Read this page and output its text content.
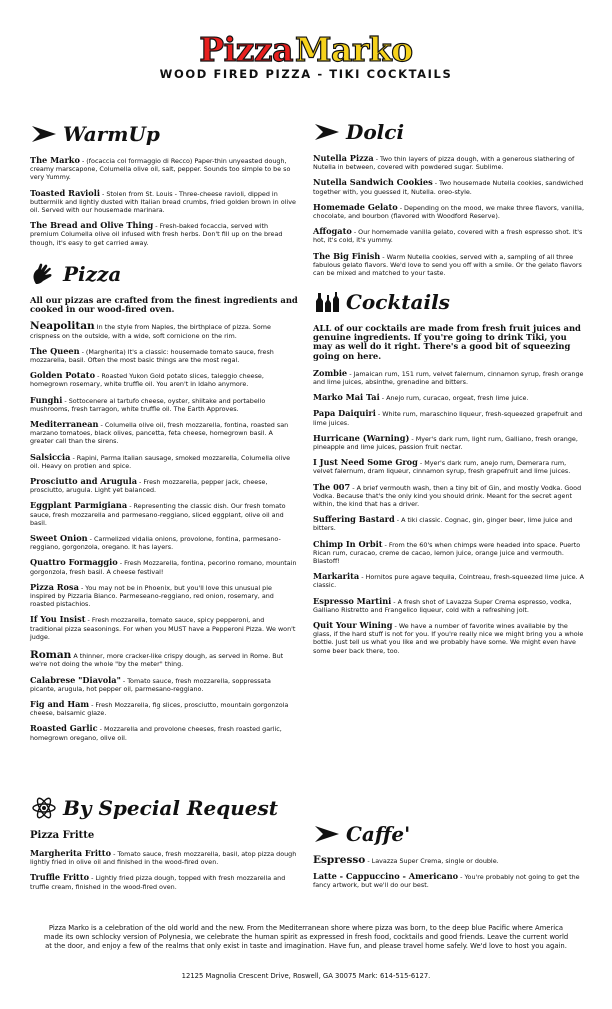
PizzaMarko
WOOD FIRED PIZZA - TIKI COCKTAILS
WarmUp
The Marko - (focaccia col formaggio di Recco) Paper-thin unyeasted dough, creamy marscapone, Columella olive oil, salt, pepper. Sounds too simple to be so very Yummy.
Toasted Ravioli - Stolen from St. Louis - Three-cheese ravioli, dipped in buttermilk and lightly dusted with Italian bread crumbs, fried golden brown in olive oil. Served with our housemade marinara.
The Bread and Olive Thing - Fresh-baked focaccia, served with premium Columella olive oil infused with fresh herbs. Don't fill up on the bread though, it's easy to get carried away.
Pizza
All our pizzas are crafted from the finest ingredients and cooked in our wood-fired oven.
Neapolitan In the style from Naples, the birthplace of pizza. Some crispness on the outside, with a wide, soft cornicione on the rim.
The Queen - (Margherita) It's a classic: housemade tomato sauce, fresh mozzarella, basil. Often the most basic things are the most regal.
Golden Potato - Roasted Yukon Gold potato slices, taleggio cheese, homegrown rosemary, white truffle oil. You aren't in Idaho anymore.
Funghi - Sottocenere al tartufo cheese, oyster, shiitake and portabello mushrooms, fresh tarragon, white truffle oil. The Earth Approves.
Mediterranean - Columella olive oil, fresh mozzarella, fontina, roasted san marzano tomatoes, black olives, pancetta, feta cheese, homegrown basil. A greater call than the sirens.
Salsiccia - Rapini, Parma Italian sausage, smoked mozzarella, Columella olive oil. Heavy on protien and spice.
Prosciutto and Arugula - Fresh mozzarella, pepper jack, cheese, prosciutto, arugula. Light yet balanced.
Eggplant Parmigiana - Representing the classic dish. Our fresh tomato sauce, fresh mozzarella and parmesano-reggiano, sliced eggplant, olive oil and basil.
Sweet Onion - Carmelized vidalia onions, provolone, fontina, parmesano-reggiano, gorgonzola, oregano. It has layers.
Quattro Formaggio - Fresh Mozzarella, fontina, pecorino romano, mountain gorgonzola, fresh basil. A cheese festival!
Pizza Rosa - You may not be in Phoenix, but you'll love this unusual pie inspired by Pizzaria Bianco. Parmeseano-reggiano, red onion, rosemary, and roasted pistachios.
If You Insist - Fresh mozzarella, tomato sauce, spicy pepperoni, and traditional pizza seasonings. For when you MUST have a Pepperoni Pizza. We won't judge.
Roman A thinner, more cracker-like crispy dough, as served in Rome. But we're not doing the whole "by the meter" thing.
Calabrese "Diavola" - Tomato sauce, fresh mozzarella, soppressata picante, arugula, hot pepper oil, parmesano-reggiano.
Fig and Ham - Fresh Mozzarella, fig slices, prosciutto, mountain gorgonzola cheese, balsamic glaze.
Roasted Garlic - Mozzarella and provolone cheeses, fresh roasted garlic, homegrown oregano, olive oil.
By Special Request
Pizza Fritte
Margherita Fritto - Tomato sauce, fresh mozzarella, basil, atop pizza dough lightly fried in olive oil and finished in the wood-fired oven.
Truffle Fritto - Lightly fried pizza dough, topped with fresh mozzarella and truffle cream, finished in the wood-fired oven.
Dolci
Nutella Pizza - Two thin layers of pizza dough, with a generous slathering of Nutella in between, covered with powdered sugar. Sublime.
Nutella Sandwich Cookies - Two housemade Nutella cookies, sandwiched together with, you guessed it, Nutella. oreo-style.
Homemade Gelato - Depending on the mood, we make three flavors, vanilla, chocolate, and bourbon (flavored with Woodford Reserve).
Affogato - Our homemade vanilla gelato, covered with a fresh espresso shot. It's hot, it's cold, it's yummy.
The Big Finish - Warm Nutella cookies, served with a, sampling of all three fabulous gelato flavors. We'd love to send you off with a smile. Or the gelato flavors can be mixed and matched to your taste.
Cocktails
ALL of our cocktails are made from fresh fruit juices and genuine ingredients. If you're going to drink Tiki, you may as well do it right. There's a good bit of squeezing going on here.
Zombie - Jamaican rum, 151 rum, velvet falernum, cinnamon syrup, fresh orange and lime juices, absinthe, grenadine and bitters.
Marko Mai Tai - Anejo rum, curacao, orgeat, fresh lime juice.
Papa Daiquiri - White rum, maraschino liqueur, fresh-squeezed grapefruit and lime juices.
Hurricane (Warning) - Myer's dark rum, light rum, Galliano, fresh orange, pineapple and lime juices, passion fruit nectar.
I Just Need Some Grog - Myer's dark rum, anejo rum, Demerara rum, velvet falernum, dram liqueur, cinnamon syrup, fresh grapefruit and lime juices.
The 007 - A brief vermouth wash, then a tiny bit of Gin, and mostly Vodka. Good Vodka. Because that's the only kind you should drink. Meant for the secret agent within, the kind that has a driver.
Suffering Bastard - A tiki classic. Cognac, gin, ginger beer, lime juice and bitters.
Chimp In Orbit - From the 60's when chimps were headed into space. Puerto Rican rum, curacao, creme de cacao, lemon juice, orange juice and vermouth. Blastoff!
Markarita - Hornitos pure agave tequila, Cointreau, fresh-squeezed lime juice. A classic.
Espresso Martini - A fresh shot of Lavazza Super Crema espresso, vodka, Galliano Ristretto and Frangelico liqueur, cold with a refreshing jolt.
Quit Your Wining - We have a number of favorite wines available by the glass, if the hard stuff is not for you. If you're really nice we might bring you a whole bottle. Just tell us what you like and we probably have some. We might even have some beer back there, too.
Caffe'
Espresso - Lavazza Super Crema, single or double.
Latte - Cappuccino - Americano - You're probably not going to get the fancy artwork, but we'll do our best.
Pizza Marko is a celebration of the old world and the new. From the Mediterranean shore where pizza was born, to the deep blue Pacific where America made its own schlocky version of Polynesia, we celebrate the human spirit as expressed in fresh food, cocktails and good friends. Leave the current world at the door, and enjoy a few of the realms that only exist in taste and imagination. Have fun, and please travel home safely. We'd love to host you again.
12125 Magnolia Crescent Drive, Roswell, GA 30075 Mark: 614-515-6127.
